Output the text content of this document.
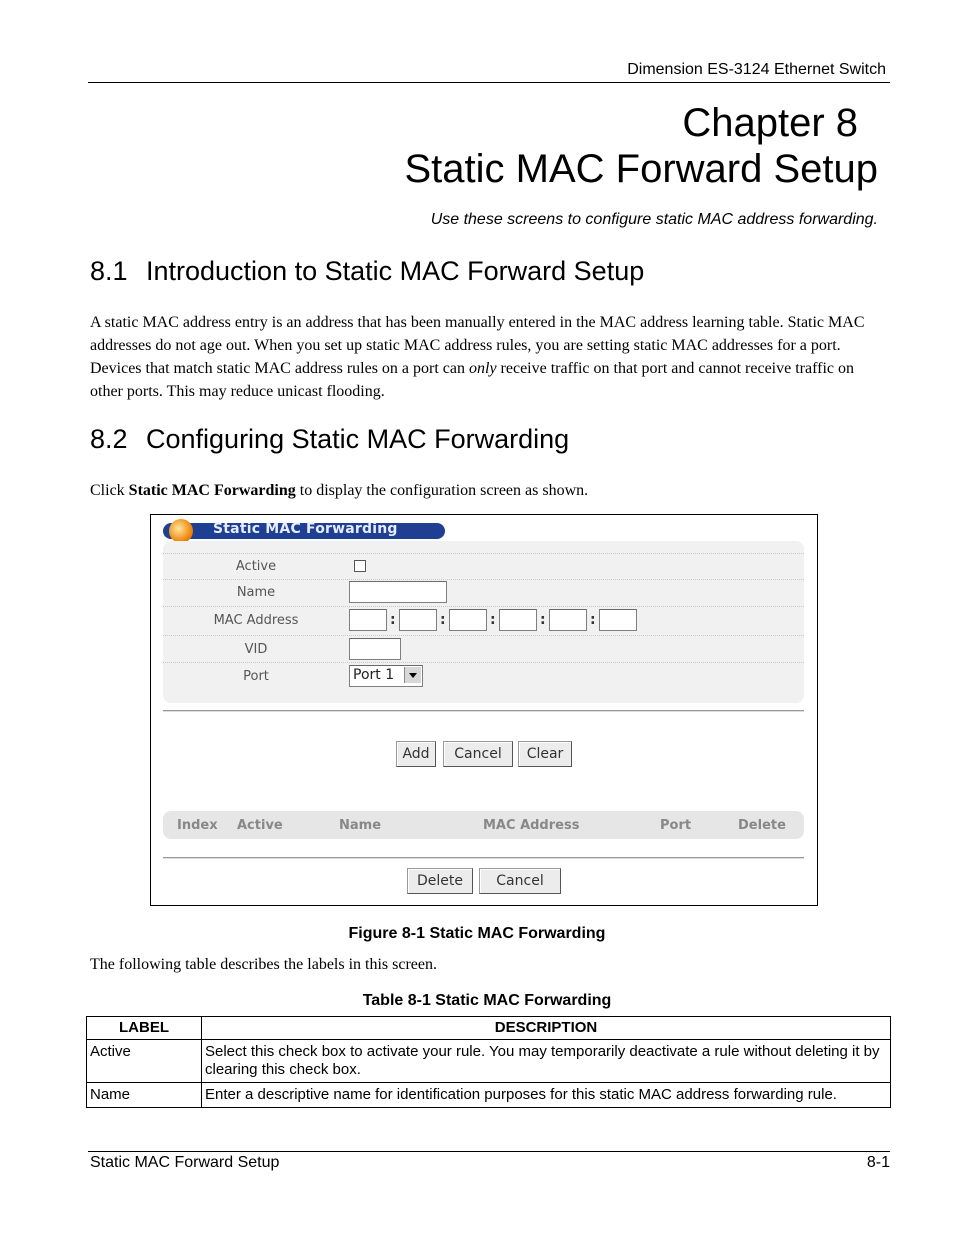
Dimension ES-3124 Ethernet Switch
Chapter 8
Static MAC Forward Setup
Use these screens to configure static MAC address forwarding.
8.1 Introduction to Static MAC Forward Setup
A static MAC address entry is an address that has been manually entered in the MAC address learning table. Static MAC addresses do not age out. When you set up static MAC address rules, you are setting static MAC addresses for a port. Devices that match static MAC address rules on a port can only receive traffic on that port and cannot receive traffic on other ports. This may reduce unicast flooding.
8.2 Configuring Static MAC Forwarding
Click Static MAC Forwarding to display the configuration screen as shown.
Static MAC Forwarding
Active
Name
MAC Address	:	:	:	:	:
VID
Port	Port 1
Add	Cancel	Clear
Index Active	Name	MAC Address	Port	Delete
Delete	Cancel
Figure 8-1 Static MAC Forwarding
The following table describes the labels in this screen.
Table 8-1 Static MAC Forwarding
LABEL	DESCRIPTION
Active	Select this check box to activate your rule. You may temporarily deactivate a rule without deleting it by clearing this check box.
Name	Enter a descriptive name for identification purposes for this static MAC address forwarding rule.
Static MAC Forward Setup	8-1
